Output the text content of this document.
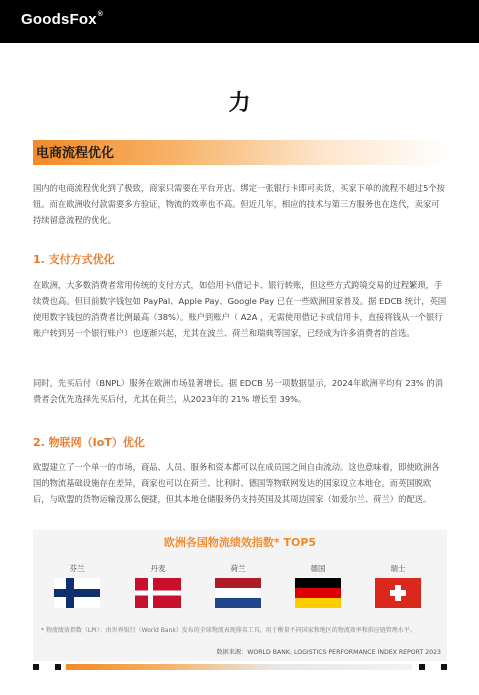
GoodsFox®
力
电商流程优化

国内的电商流程优化到了极致，商家只需要在平台开店、绑定一张银行卡即可卖货，买家下单的流程不超过5个按钮。而在欧洲收付款需要多方验证，物流的效率也不高。但近几年，相应的技术与第三方服务也在迭代，卖家可持续留意流程的优化。

1. 支付方式优化

在欧洲，大多数消费者常用传统的支付方式，如信用卡\借记卡、银行转账，但这些方式跨境交易的过程繁琐，手续费也高。但目前数字钱包如 PayPal、Apple Pay、Google Pay 已在一些欧洲国家普及。据 EDCB 统计，英国使用数字钱包的消费者比例最高（38%）。账户到账户（ A2A ，无需使用借记卡或信用卡，直接将钱从一个银行账户转到另一个银行账户）也逐渐兴起，尤其在波兰、荷兰和瑞典等国家，已经成为许多消费者的首选。

同时，先买后付（BNPL）服务在欧洲市场显著增长。据 EDCB 另一项数据显示，2024年欧洲平均有 23% 的消费者会优先选择先买后付，尤其在荷兰，从2023年的 21% 增长至 39%。

2. 物联网（IoT）优化

欧盟建立了一个单一的市场，商品、人员、服务和资本都可以在成员国之间自由流动。这也意味着，即使欧洲各国的物流基础设施存在差异，商家也可以在荷兰、比利时、德国等物联网发达的国家设立本地仓。而英国脱欧后，与欧盟的货物运输没那么便捷，但其本地仓储服务仍支持英国及其周边国家（如爱尔兰、荷兰）的配送。

欧洲各国物流绩效指数* TOP5
芬兰	丹麦	荷兰	德国	瑞士
* 物流绩效指数（LPI）：由世界银行（World Bank）发布的全球物流表现排名工具，用于衡量不同国家和地区的物流效率和供应链管理水平。
数据来源：WORLD BANK: LOGISTICS PERFORMANCE INDEX REPORT 2023
